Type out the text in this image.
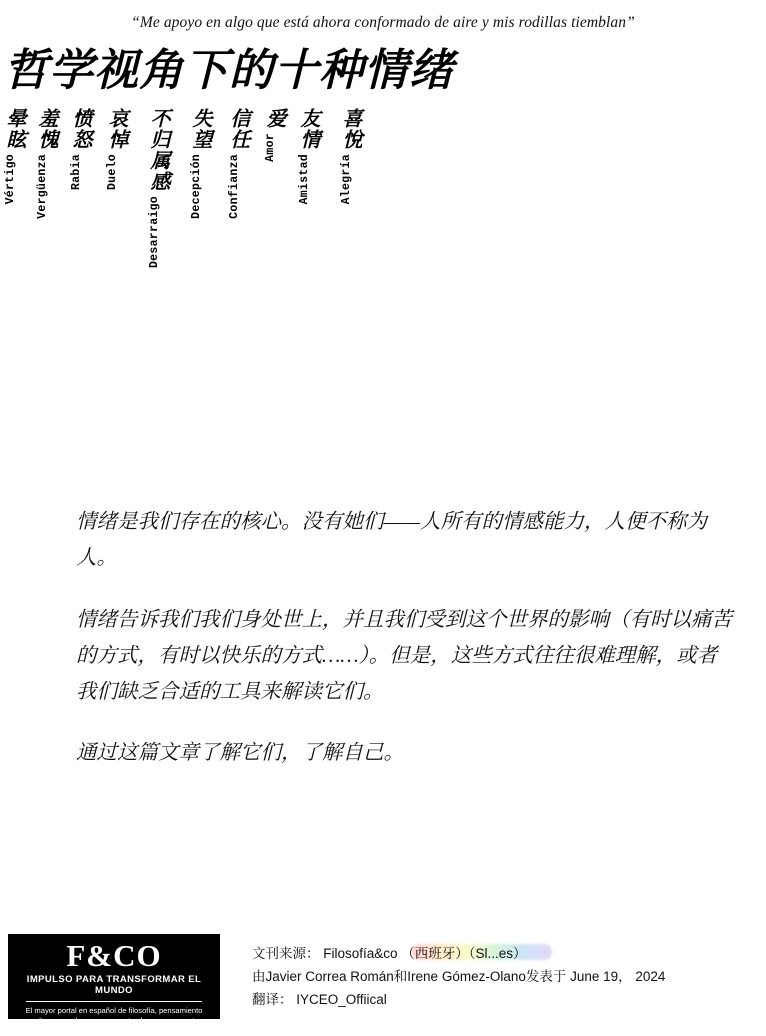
“Me apoyo en algo que está ahora conformado de aire y mis rodillas tiemblan”
哲学视角下的十种情绪
晕眩
Vértigo
羞愧
Vergüenza
愤怒
Rabia
哀悼
Duelo 不归属感
Desarraigo
失望
Decepción
信任
Confianza
爱
Amor 友情
Amistad
喜悅
Alegría

情绪是我们存在的核心。没有她们——人所有的情感能力，人便不称为人。

情绪告诉我们我们身处世上，并且我们受到这个世界的影响（有时以痛苦的方式，有时以快乐的方式……）。但是，这些方式往往很难理解，或者我们缺乏合适的工具来解读它们。

通过这篇文章了解它们，了解自己。

F&CO
IMPULSO PARA TRANSFORMAR EL MUNDO
El mayor portal en español de filosofía, pensamiento y cultura, para hacerse preguntas buscar respuestas y abrir tu horizonte
文刊来源： Filosofía&co （西班牙）（Sl...es）
由Javier Correa Román和Irene Gómez-Olano发表于 June 19， 2024
翻译： IYCEO_Offiical
